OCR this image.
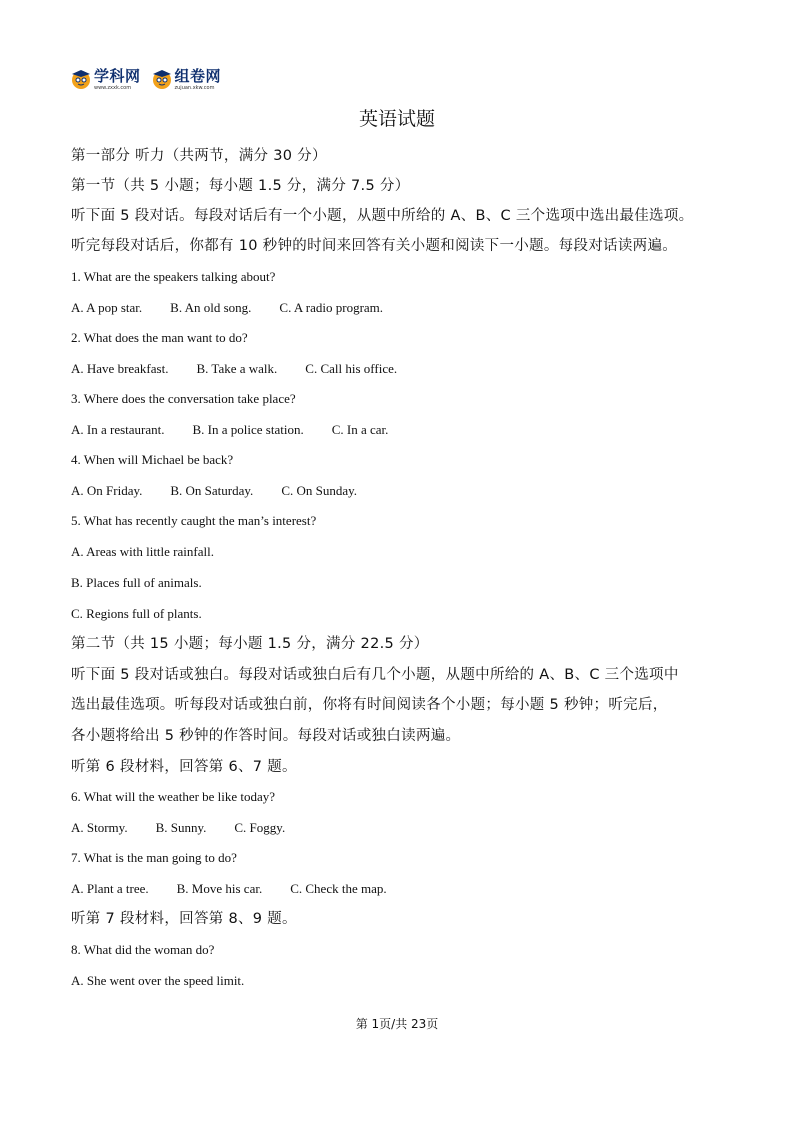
学科网
www.zxxk.com
组卷网
zujuan.xkw.com
英语试题
第一部分 听力（共两节，满分 30 分）
第一节（共 5 小题；每小题 1.5 分，满分 7.5 分）
听下面 5 段对话。每段对话后有一个小题，从题中所给的 A、B、C 三个选项中选出最佳选项。
听完每段对话后，你都有 10 秒钟的时间来回答有关小题和阅读下一小题。每段对话读两遍。
1. What are the speakers talking about?
A. A pop star. B. An old song. C. A radio program.
2. What does the man want to do?
A. Have breakfast. B. Take a walk. C. Call his office.
3. Where does the conversation take place?
A. In a restaurant. B. In a police station. C. In a car.
4. When will Michael be back?
A. On Friday. B. On Saturday. C. On Sunday.
5. What has recently caught the man’s interest?
A. Areas with little rainfall.
B. Places full of animals.
C. Regions full of plants.
第二节（共 15 小题；每小题 1.5 分，满分 22.5 分）
听下面 5 段对话或独白。每段对话或独白后有几个小题，从题中所给的 A、B、C 三个选项中
选出最佳选项。听每段对话或独白前，你将有时间阅读各个小题；每小题 5 秒钟；听完后，
各小题将给出 5 秒钟的作答时间。每段对话或独白读两遍。
听第 6 段材料，回答第 6、7 题。
6. What will the weather be like today?
A. Stormy. B. Sunny. C. Foggy.
7. What is the man going to do?
A. Plant a tree. B. Move his car. C. Check the map.
听第 7 段材料，回答第 8、9 题。
8. What did the woman do?
A. She went over the speed limit.
第 1页/共 23页
